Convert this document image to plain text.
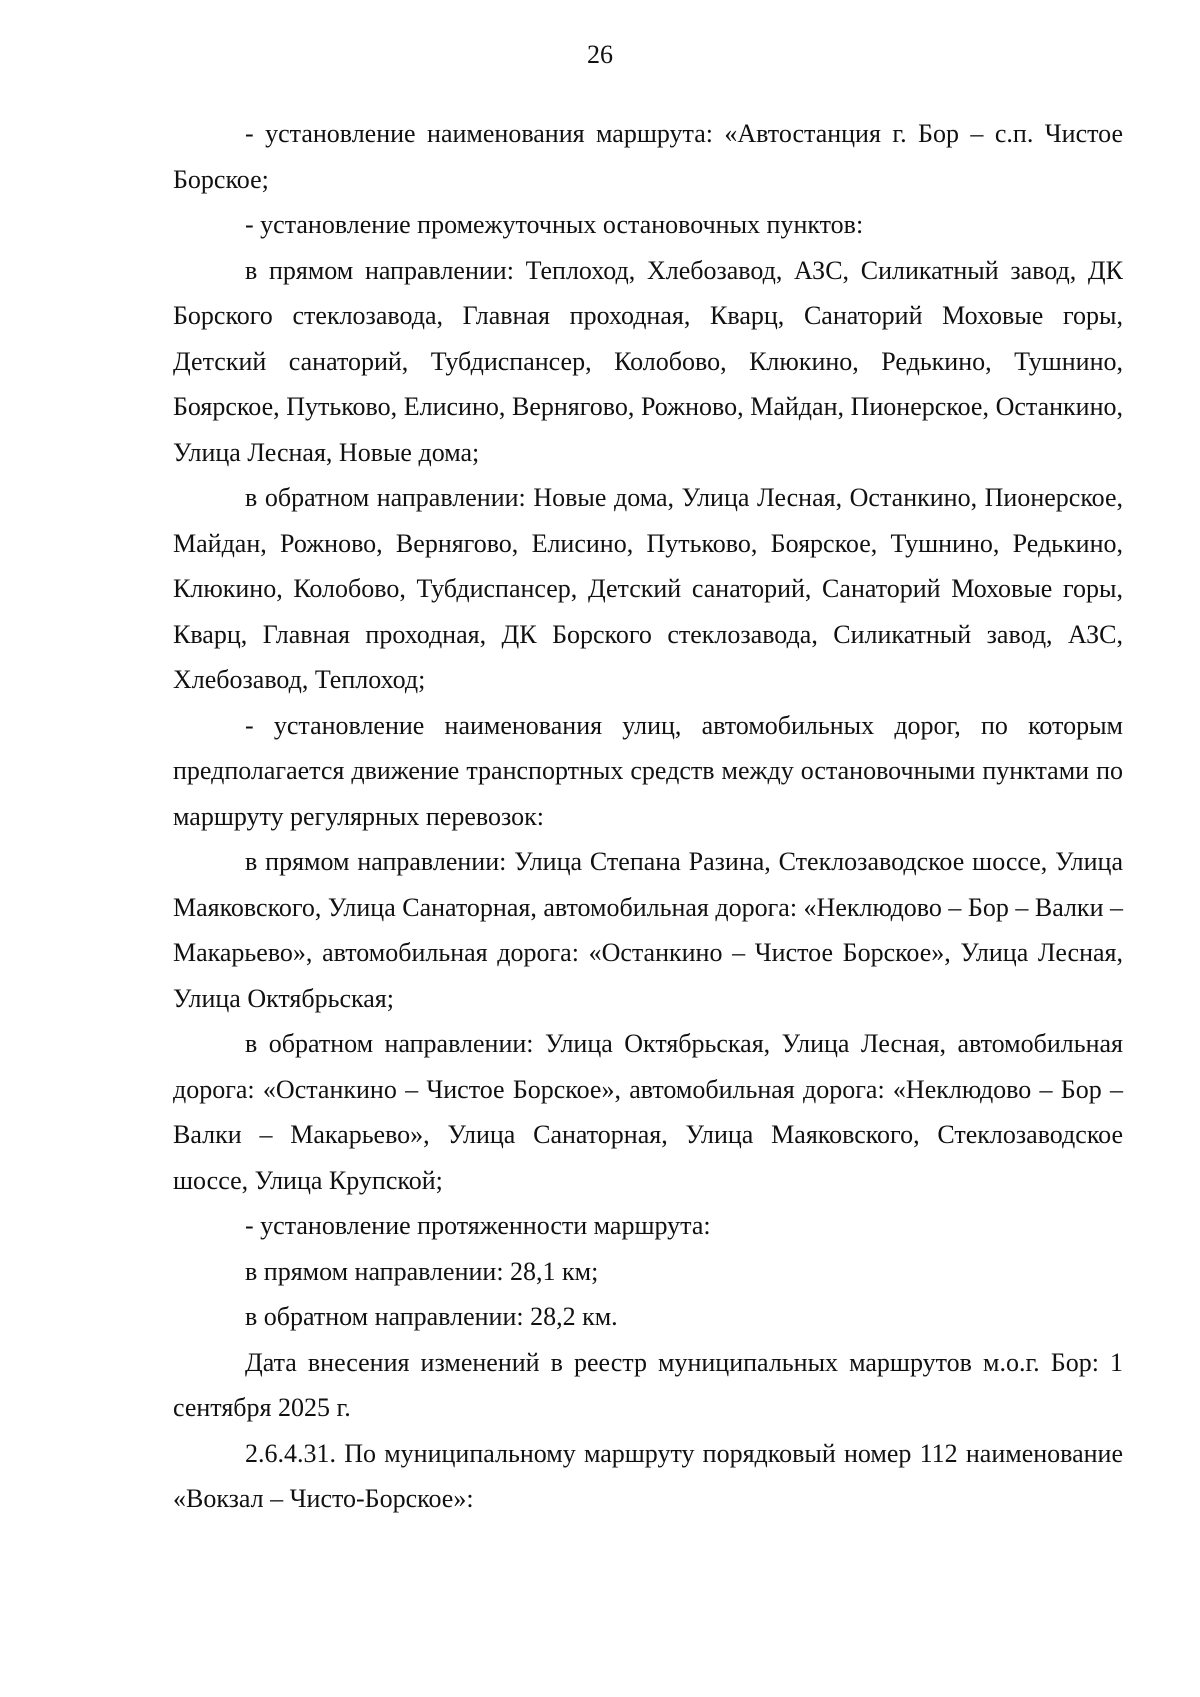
26

- установление наименования маршрута: «Автостанция г. Бор – с.п. Чистое Борское;

- установление промежуточных остановочных пунктов:

в прямом направлении: Теплоход, Хлебозавод, АЗС, Силикатный завод, ДК Борского стеклозавода, Главная проходная, Кварц, Санаторий Моховые горы, Детский санаторий, Тубдиспансер, Колобово, Клюкино, Редькино, Тушнино, Боярское, Путьково, Елисино, Вернягово, Рожново, Майдан, Пионерское, Останкино, Улица Лесная, Новые дома;

в обратном направлении: Новые дома, Улица Лесная, Останкино, Пионерское, Майдан, Рожново, Вернягово, Елисино, Путьково, Боярское, Тушнино, Редькино, Клюкино, Колобово, Тубдиспансер, Детский санаторий, Санаторий Моховые горы, Кварц, Главная проходная, ДК Борского стеклозавода, Силикатный завод, АЗС, Хлебозавод, Теплоход;

- установление наименования улиц, автомобильных дорог, по которым предполагается движение транспортных средств между остановочными пунктами по маршруту регулярных перевозок:

в прямом направлении: Улица Степана Разина, Стеклозаводское шоссе, Улица Маяковского, Улица Санаторная, автомобильная дорога: «Неклюдово – Бор – Валки – Макарьево», автомобильная дорога: «Останкино – Чистое Борское», Улица Лесная, Улица Октябрьская;

в обратном направлении: Улица Октябрьская, Улица Лесная, автомобильная дорога: «Останкино – Чистое Борское», автомобильная дорога: «Неклюдово – Бор – Валки – Макарьево», Улица Санаторная, Улица Маяковского, Стеклозаводское шоссе, Улица Крупской;

- установление протяженности маршрута:

в прямом направлении: 28,1 км;

в обратном направлении: 28,2 км.

Дата внесения изменений в реестр муниципальных маршрутов м.о.г. Бор: 1 сентября 2025 г.

2.6.4.31. По муниципальному маршруту порядковый номер 112 наименование «Вокзал – Чисто-Борское»:
